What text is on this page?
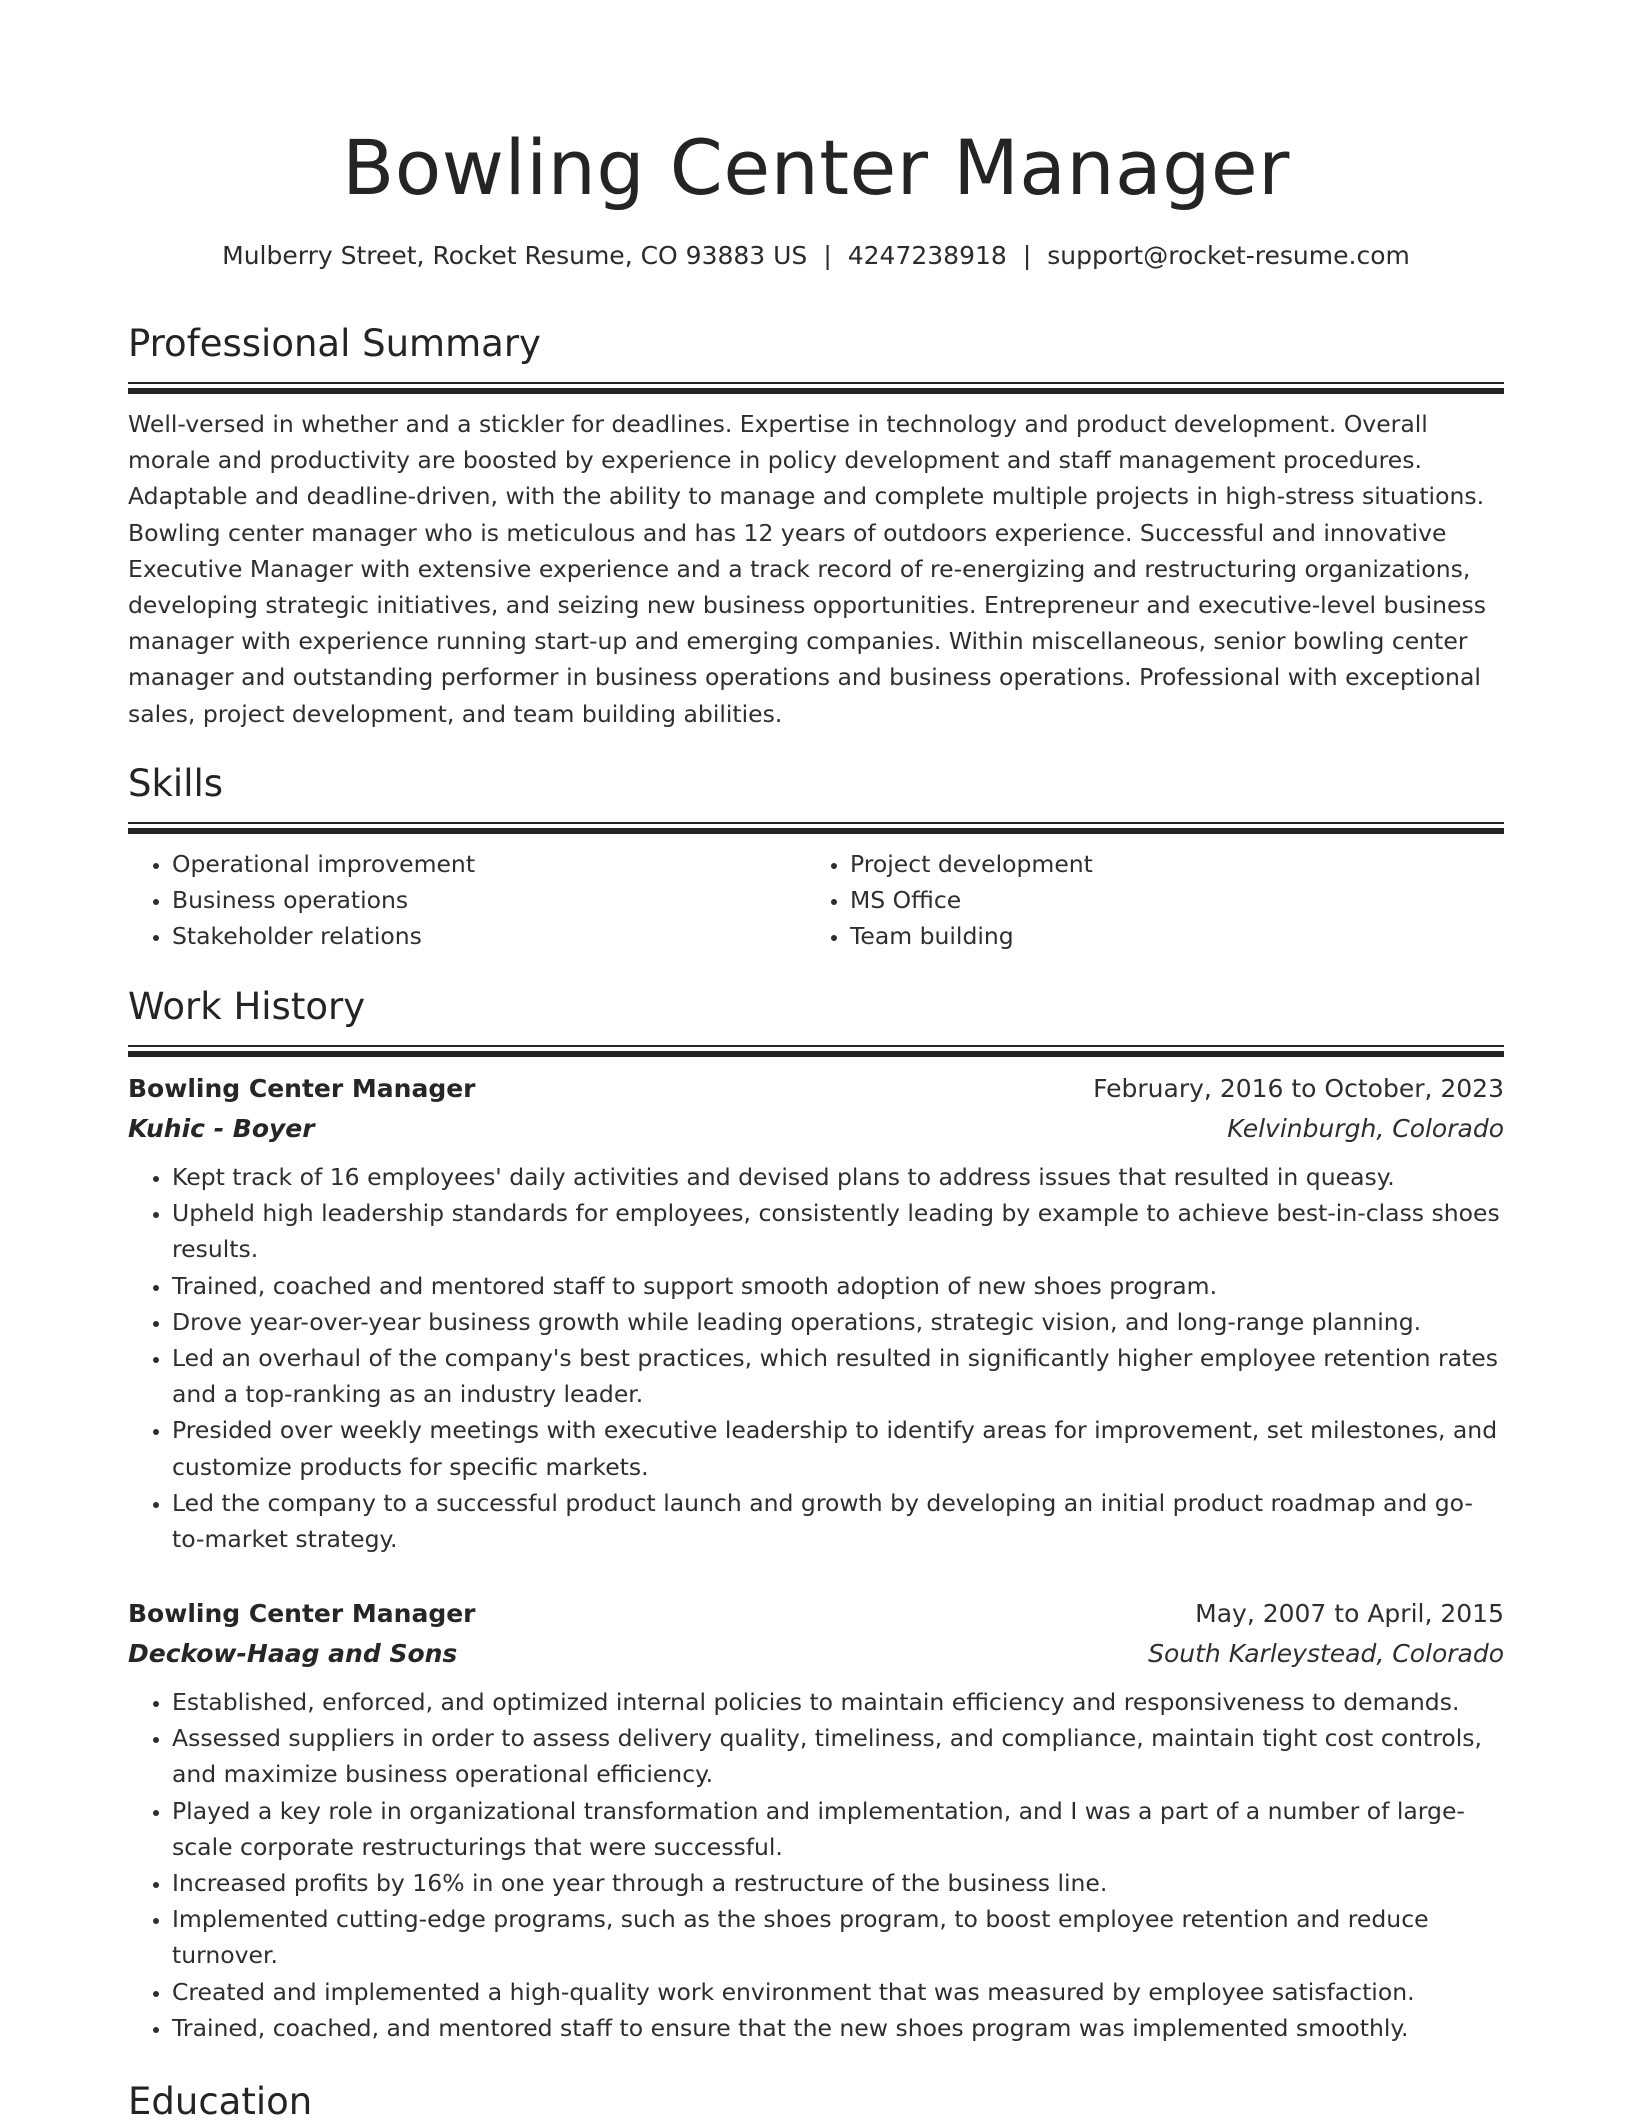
Bowling Center Manager
Mulberry Street, Rocket Resume, CO 93883 US | 4247238918 | support@rocket-resume.com
Professional Summary
Well-versed in whether and a stickler for deadlines. Expertise in technology and product development. Overall morale and productivity are boosted by experience in policy development and staff management procedures. Adaptable and deadline-driven, with the ability to manage and complete multiple projects in high-stress situations. Bowling center manager who is meticulous and has 12 years of outdoors experience. Successful and innovative Executive Manager with extensive experience and a track record of re-energizing and restructuring organizations, developing strategic initiatives, and seizing new business opportunities. Entrepreneur and executive-level business manager with experience running start-up and emerging companies. Within miscellaneous, senior bowling center manager and outstanding performer in business operations and business operations. Professional with exceptional sales, project development, and team building abilities.
Skills
• Operational improvement
• Business operations
• Stakeholder relations
• Project development
• MS Office
• Team building
Work History
Bowling Center Manager	February, 2016 to October, 2023
Kuhic - Boyer	Kelvinburgh, Colorado
• Kept track of 16 employees' daily activities and devised plans to address issues that resulted in queasy.
• Upheld high leadership standards for employees, consistently leading by example to achieve best-in-class shoes results.
• Trained, coached and mentored staff to support smooth adoption of new shoes program.
• Drove year-over-year business growth while leading operations, strategic vision, and long-range planning.
• Led an overhaul of the company's best practices, which resulted in significantly higher employee retention rates and a top-ranking as an industry leader.
• Presided over weekly meetings with executive leadership to identify areas for improvement, set milestones, and customize products for specific markets.
• Led the company to a successful product launch and growth by developing an initial product roadmap and go-to-market strategy.
Bowling Center Manager	May, 2007 to April, 2015
Deckow-Haag and Sons	South Karleystead, Colorado
• Established, enforced, and optimized internal policies to maintain efficiency and responsiveness to demands.
• Assessed suppliers in order to assess delivery quality, timeliness, and compliance, maintain tight cost controls, and maximize business operational efficiency.
• Played a key role in organizational transformation and implementation, and I was a part of a number of large-scale corporate restructurings that were successful.
• Increased profits by 16% in one year through a restructure of the business line.
• Implemented cutting-edge programs, such as the shoes program, to boost employee retention and reduce turnover.
• Created and implemented a high-quality work environment that was measured by employee satisfaction.
• Trained, coached, and mentored staff to ensure that the new shoes program was implemented smoothly.
Education
